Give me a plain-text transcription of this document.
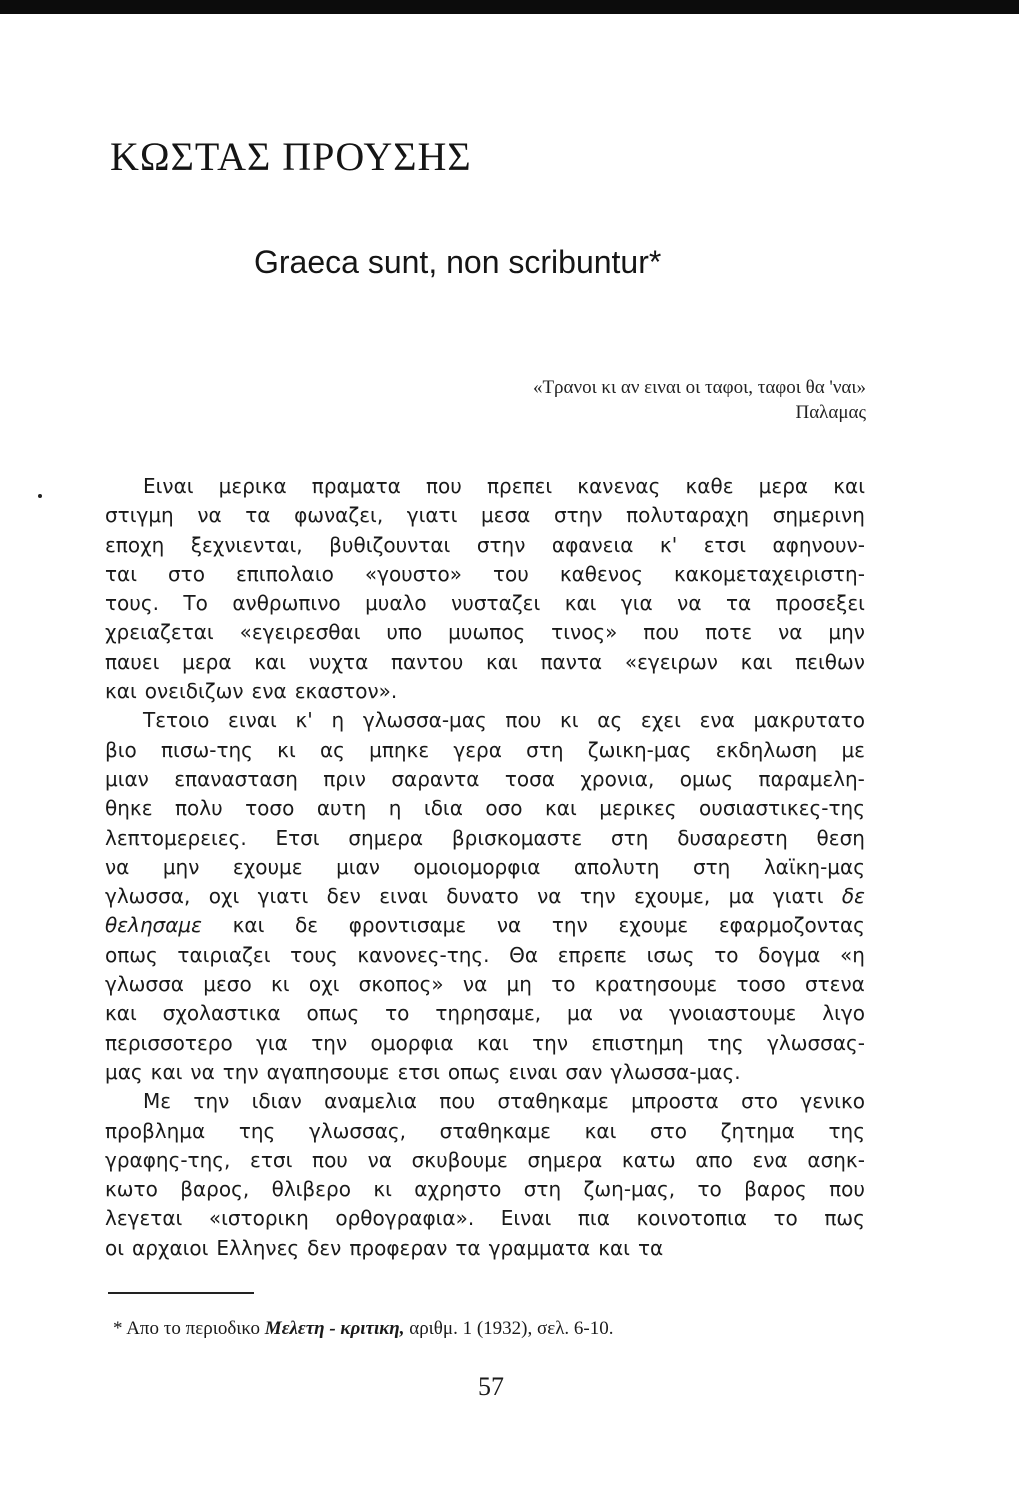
ΚΩΣΤΑΣ ΠΡΟΥΣΗΣ
Graeca sunt, non scribuntur*
«Τρανοι κι αν ειναι οι ταφοι, ταφοι θα 'ναι»
Παλαμας
Ειναι μερικα πραματα που πρεπει κανενας καθε μερα και
στιγμη να τα φωναζει, γιατι μεσα στην πολυταραχη σημερινη
εποχη ξεχνιενται, βυθιζουνται στην αφανεια κ' ετσι αφηνουν-
ται στο επιπολαιο «γουστο» του καθενος κακομεταχειριστη-
τους. Το ανθρωπινο μυαλο νυσταζει και για να τα προσεξει
χρειαζεται «εγειρεσθαι υπο μυωπος τινος» που ποτε να μην
παυει μερα και νυχτα παντου και παντα «εγειρων και πειθων
και ονειδιζων ενα εκαστον».
Τετοιο ειναι κ' η γλωσσα-μας που κι ας εχει ενα μακρυτατο
βιο πισω-της κι ας μπηκε γερα στη ζωικη-μας εκδηλωση με
μιαν επανασταση πριν σαραντα τοσα χρονια, ομως παραμελη-
θηκε πολυ τοσο αυτη η ιδια οσο και μερικες ουσιαστικες-της
λεπτομερειες. Ετσι σημερα βρισκομαστε στη δυσαρεστη θεση
να μην εχουμε μιαν ομοιομορφια απολυτη στη λαϊκη-μας
γλωσσα, οχι γιατι δεν ειναι δυνατο να την εχουμε, μα γιατι δε
θελησαμε και δε φροντισαμε να την εχουμε εφαρμοζοντας
οπως ταιριαζει τους κανονες-της. Θα επρεπε ισως το δογμα «η
γλωσσα μεσο κι οχι σκοπος» να μη το κρατησουμε τοσο στενα
και σχολαστικα οπως το τηρησαμε, μα να γνοιαστουμε λιγο
περισσοτερο για την ομορφια και την επιστημη της γλωσσας-
μας και να την αγαπησουμε ετσι οπως ειναι σαν γλωσσα-μας.
Με την ιδιαν αναμελια που σταθηκαμε μπροστα στο γενικο
προβλημα της γλωσσας, σταθηκαμε και στο ζητημα της
γραφης-της, ετσι που να σκυβουμε σημερα κατω απο ενα ασηκ-
κωτο βαρος, θλιβερο κι αχρηστο στη ζωη-μας, το βαρος που
λεγεται «ιστορικη ορθογραφια». Ειναι πια κοινοτοπια το πως
οι αρχαιοι Ελληνες δεν προφεραν τα γραμματα και τα
* Απο το περιοδικο Μελετη - κριτικη, αριθμ. 1 (1932), σελ. 6-10.
57
